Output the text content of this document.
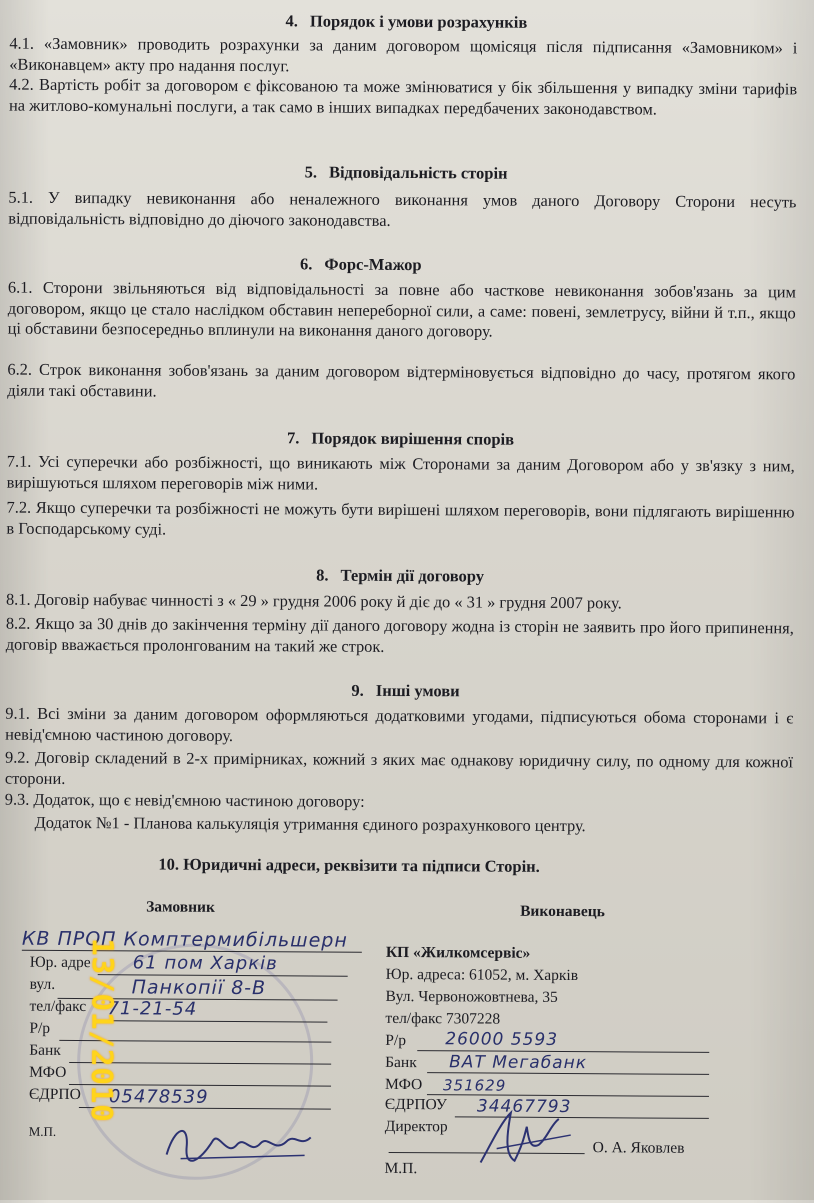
4. Порядок і умови розрахунків
4.1. «Замовник» проводить розрахунки за даним договором щомісяця після підписання «Замовником» і «Виконавцем» акту про надання послуг.
4.2. Вартість робіт за договором є фіксованою та може змінюватися у бік збільшення у випадку зміни тарифів на житлово-комунальні послуги, а так само в інших випадках передбачених законодавством.
5. Відповідальність сторін
5.1. У випадку невиконання або неналежного виконання умов даного Договору Сторони несуть відповідальність відповідно до діючого законодавства.
6. Форс-Мажор
6.1. Сторони звільняються від відповідальності за повне або часткове невиконання зобов'язань за цим договором, якщо це стало наслідком обставин непереборної сили, а саме: повені, землетрусу, війни й т.п., якщо ці обставини безпосередньо вплинули на виконання даного договору.
6.2. Строк виконання зобов'язань за даним договором відтерміновується відповідно до часу, протягом якого діяли такі обставини.
7. Порядок вирішення спорів
7.1. Усі суперечки або розбіжності, що виникають між Сторонами за даним Договором або у зв'язку з ним, вирішуються шляхом переговорів між ними.
7.2. Якщо суперечки та розбіжності не можуть бути вирішені шляхом переговорів, вони підлягають вирішенню в Господарському суді.
8. Термін дії договору
8.1. Договір набуває чинності з « 29 » грудня 2006 року й діє до « 31 » грудня 2007 року.
8.2. Якщо за 30 днів до закінчення терміну дії даного договору жодна із сторін не заявить про його припинення, договір вважається пролонгованим на такий же строк.
9. Інші умови
9.1. Всі зміни за даним договором оформляються додатковими угодами, підписуються обома сторонами і є невід'ємною частиною договору.
9.2. Договір складений в 2-х примірниках, кожний з яких має однакову юридичну силу, по одному для кожної сторони.
9.3. Додаток, що є невід'ємною частиною договору:
Додаток №1 - Планова калькуляція утримання єдиного розрахункового центру.
10. Юридичні адреси, реквізити та підписи Сторін.
Замовник
КВ ПРОП Комптермибільшерн
Юр. адре 61 пом Харків
вул.	Панкопії 8-В
тел/факс 71-21-54
Р/р
Банк
МФО
ЄДРПО 05478539
М.П.
Виконавець
КП «Жилкомсервіс»
Юр. адреса: 61052, м. Харків
Вул. Червоножовтнева, 35
тел/факс 7307228
Р/р 26000 5593
Банк ВАТ Мегабанк
МФО 351629
ЄДРПОУ 34467793
Директор
О. А. Яковлев
М.П.
13/01/2010
